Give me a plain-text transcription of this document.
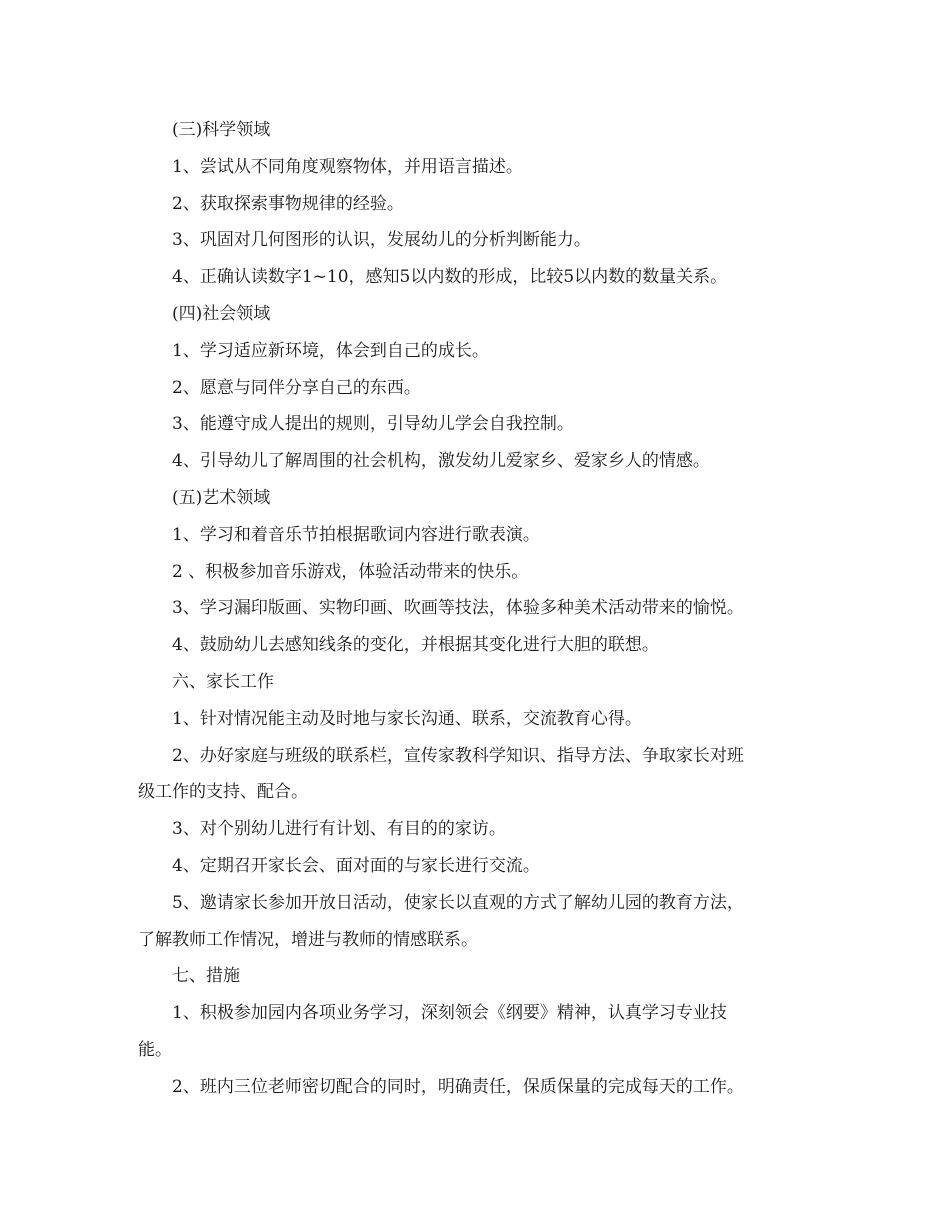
(三)科学领域
1、尝试从不同角度观察物体，并用语言描述。
2、获取探索事物规律的经验。
3、巩固对几何图形的认识，发展幼儿的分析判断能力。
4、正确认读数字1~10，感知5以内数的形成，比较5以内数的数量关系。
(四)社会领域
1、学习适应新环境，体会到自己的成长。
2、愿意与同伴分享自己的东西。
3、能遵守成人提出的规则，引导幼儿学会自我控制。
4、引导幼儿了解周围的社会机构，激发幼儿爱家乡、爱家乡人的情感。
(五)艺术领域
1、学习和着音乐节拍根据歌词内容进行歌表演。
2 、积极参加音乐游戏，体验活动带来的快乐。
3、学习漏印版画、实物印画、吹画等技法，体验多种美术活动带来的愉悦。
4、鼓励幼儿去感知线条的变化，并根据其变化进行大胆的联想。
六、家长工作
1、针对情况能主动及时地与家长沟通、联系，交流教育心得。
2、办好家庭与班级的联系栏，宣传家教科学知识、指导方法、争取家长对班
级工作的支持、配合。
3、对个别幼儿进行有计划、有目的的家访。
4、定期召开家长会、面对面的与家长进行交流。
5、邀请家长参加开放日活动，使家长以直观的方式了解幼儿园的教育方法，
了解教师工作情况，增进与教师的情感联系。
七、措施
1、积极参加园内各项业务学习，深刻领会《纲要》精神，认真学习专业技
能。
2、班内三位老师密切配合的同时，明确责任，保质保量的完成每天的工作。
